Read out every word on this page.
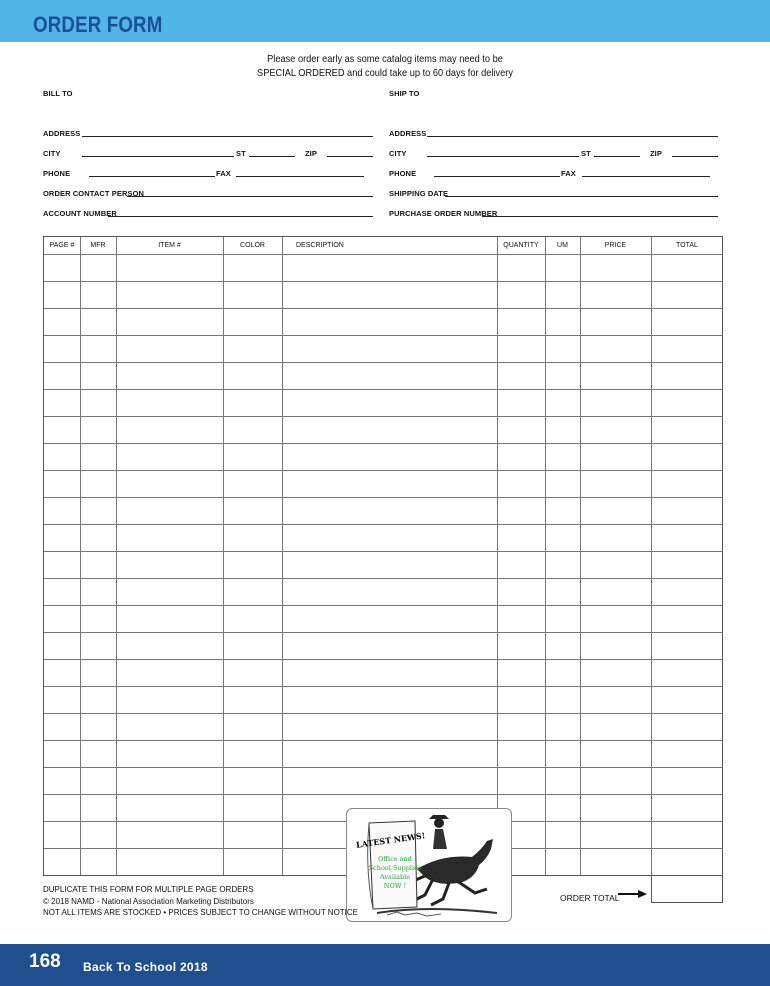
ORDER FORM
Please order early as some catalog items may need to be
SPECIAL ORDERED and could take up to 60 days for delivery
BILL TO
ADDRESS
CITY	ST	ZIP
PHONE	FAX
ORDER CONTACT PERSON
ACCOUNT NUMBER
SHIP TO
ADDRESS
CITY	ST	ZIP
PHONE	FAX
SHIPPING DATE
PURCHASE ORDER NUMBER
PAGE #	MFR	ITEM #	COLOR	DESCRIPTION	QUANTITY	UM	PRICE	TOTAL
LATEST NEWS!
Office and
School Supplies
Available
NOW !
DUPLICATE THIS FORM FOR MULTIPLE PAGE ORDERS
© 2018 NAMD - National Association Marketing Distributors
NOT ALL ITEMS ARE STOCKED • PRICES SUBJECT TO CHANGE WITHOUT NOTICE
ORDER TOTAL
168 Back To School 2018
